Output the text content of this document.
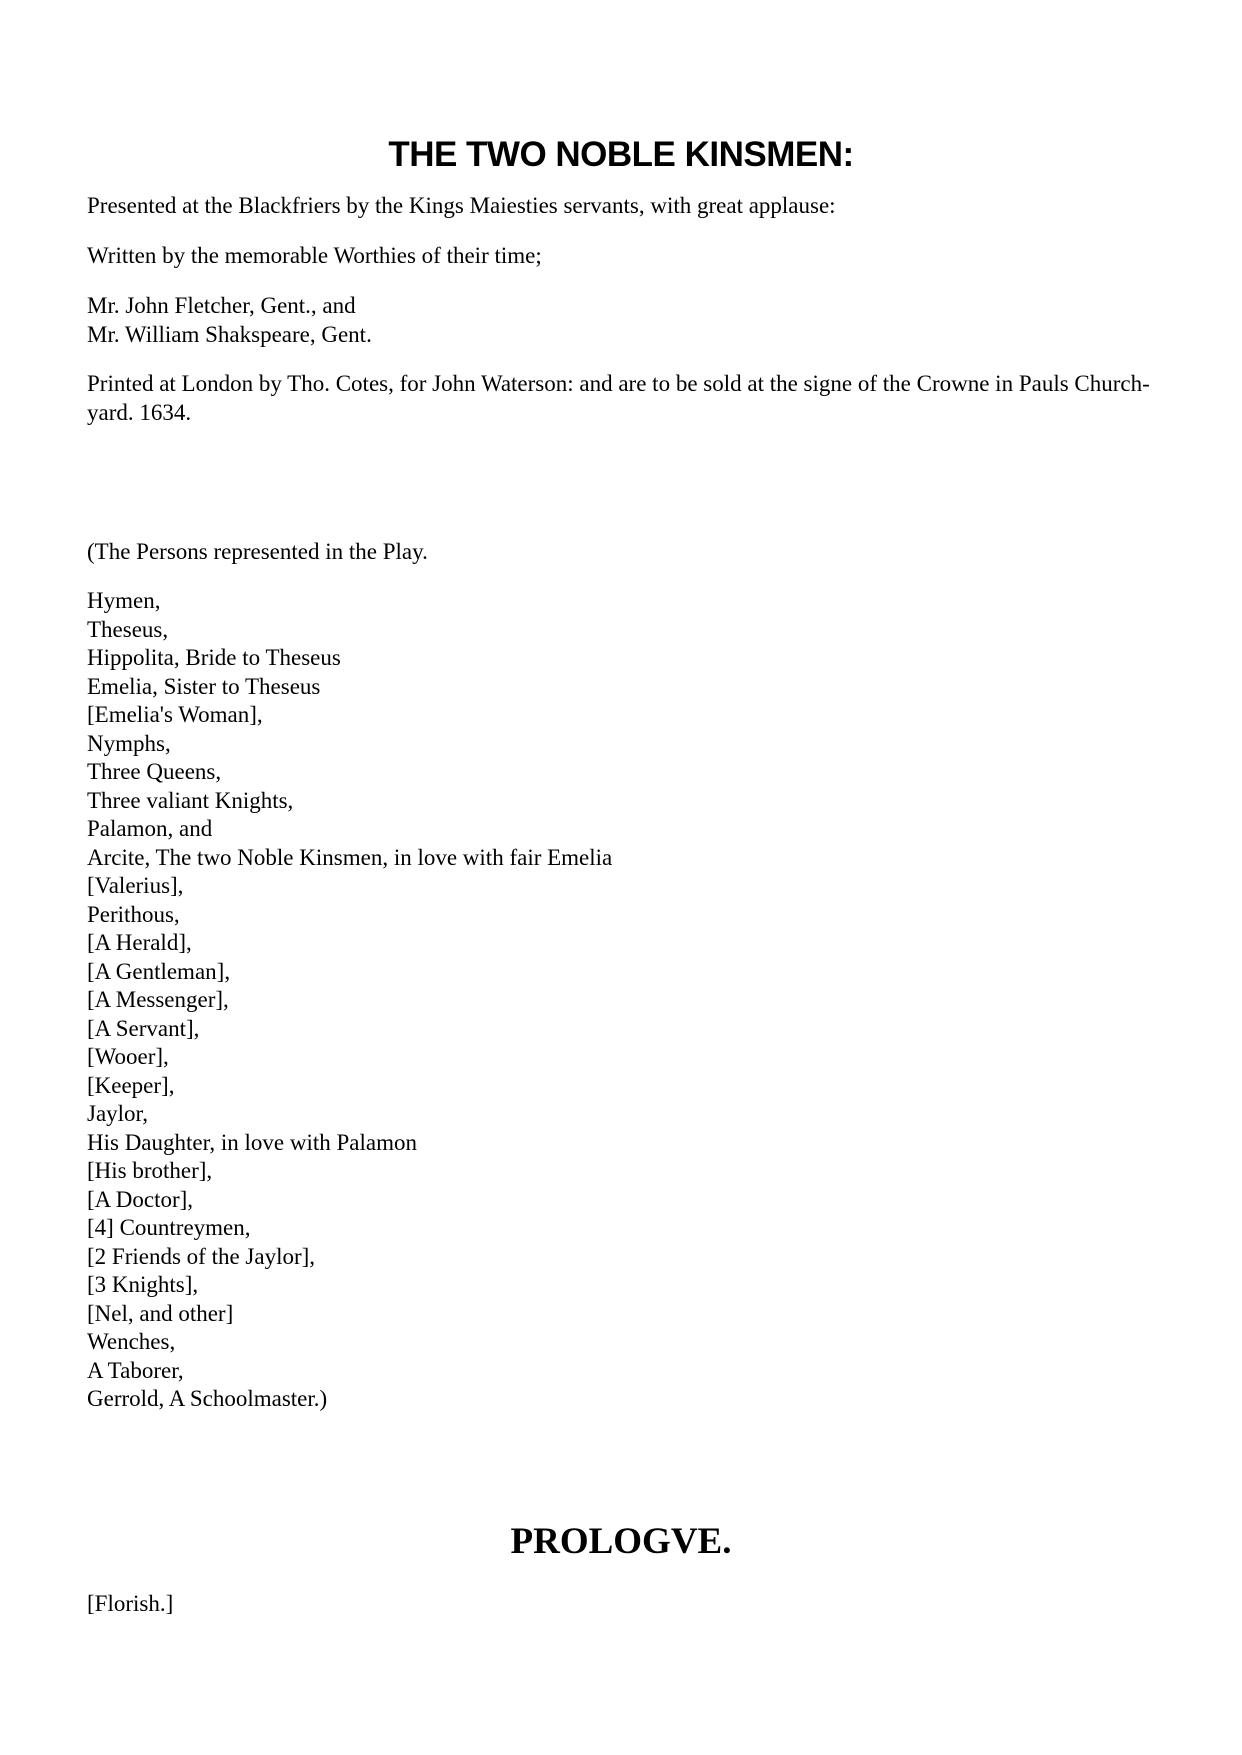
THE TWO NOBLE KINSMEN:

Presented at the Blackfriers by the Kings Maiesties servants, with great applause:

Written by the memorable Worthies of their time;

Mr. John Fletcher, Gent., and
Mr. William Shakspeare, Gent.

Printed at London by Tho. Cotes, for John Waterson: and are to be sold at the signe of the Crowne in Pauls Church-yard. 1634.

(The Persons represented in the Play.

Hymen,
Theseus,
Hippolita, Bride to Theseus
Emelia, Sister to Theseus
[Emelia's Woman],
Nymphs,
Three Queens,
Three valiant Knights,
Palamon, and
Arcite, The two Noble Kinsmen, in love with fair Emelia
[Valerius],
Perithous,
[A Herald],
[A Gentleman],
[A Messenger],
[A Servant],
[Wooer],
[Keeper],
Jaylor,
His Daughter, in love with Palamon
[His brother],
[A Doctor],
[4] Countreymen,
[2 Friends of the Jaylor],
[3 Knights],
[Nel, and other]
Wenches,
A Taborer,
Gerrold, A Schoolmaster.)
PROLOGVE.

[Florish.]
